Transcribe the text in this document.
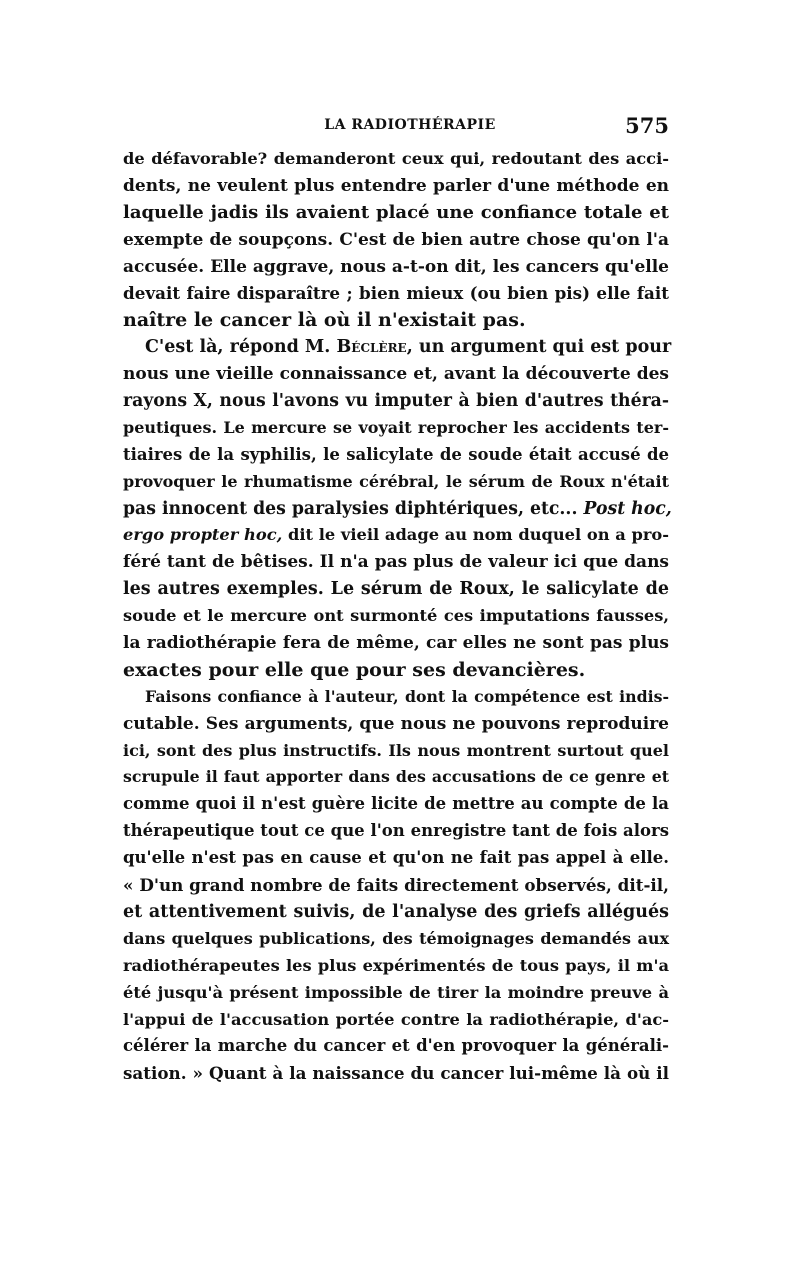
LA RADIOTHÉRAPIE	575
de défavorable? demanderont ceux qui, redoutant des acci-
dents, ne veulent plus entendre parler d'une méthode en
laquelle jadis ils avaient placé une confiance totale et
exempte de soupçons. C'est de bien autre chose qu'on l'a
accusée. Elle aggrave, nous a-t-on dit, les cancers qu'elle
devait faire disparaître ; bien mieux (ou bien pis) elle fait
naître le cancer là où il n'existait pas.
C'est là, répond M. Béclère, un argument qui est pour
nous une vieille connaissance et, avant la découverte des
rayons X, nous l'avons vu imputer à bien d'autres théra-
peutiques. Le mercure se voyait reprocher les accidents ter-
tiaires de la syphilis, le salicylate de soude était accusé de
provoquer le rhumatisme cérébral, le sérum de Roux n'était
pas innocent des paralysies diphtériques, etc... Post hoc,
ergo propter hoc, dit le vieil adage au nom duquel on a pro-
féré tant de bêtises. Il n'a pas plus de valeur ici que dans
les autres exemples. Le sérum de Roux, le salicylate de
soude et le mercure ont surmonté ces imputations fausses,
la radiothérapie fera de même, car elles ne sont pas plus
exactes pour elle que pour ses devancières.
Faisons confiance à l'auteur, dont la compétence est indis-
cutable. Ses arguments, que nous ne pouvons reproduire
ici, sont des plus instructifs. Ils nous montrent surtout quel
scrupule il faut apporter dans des accusations de ce genre et
comme quoi il n'est guère licite de mettre au compte de la
thérapeutique tout ce que l'on enregistre tant de fois alors
qu'elle n'est pas en cause et qu'on ne fait pas appel à elle.
« D'un grand nombre de faits directement observés, dit-il,
et attentivement suivis, de l'analyse des griefs allégués
dans quelques publications, des témoignages demandés aux
radiothérapeutes les plus expérimentés de tous pays, il m'a
été jusqu'à présent impossible de tirer la moindre preuve à
l'appui de l'accusation portée contre la radiothérapie, d'ac-
célérer la marche du cancer et d'en provoquer la générali-
sation. » Quant à la naissance du cancer lui-même là où il
